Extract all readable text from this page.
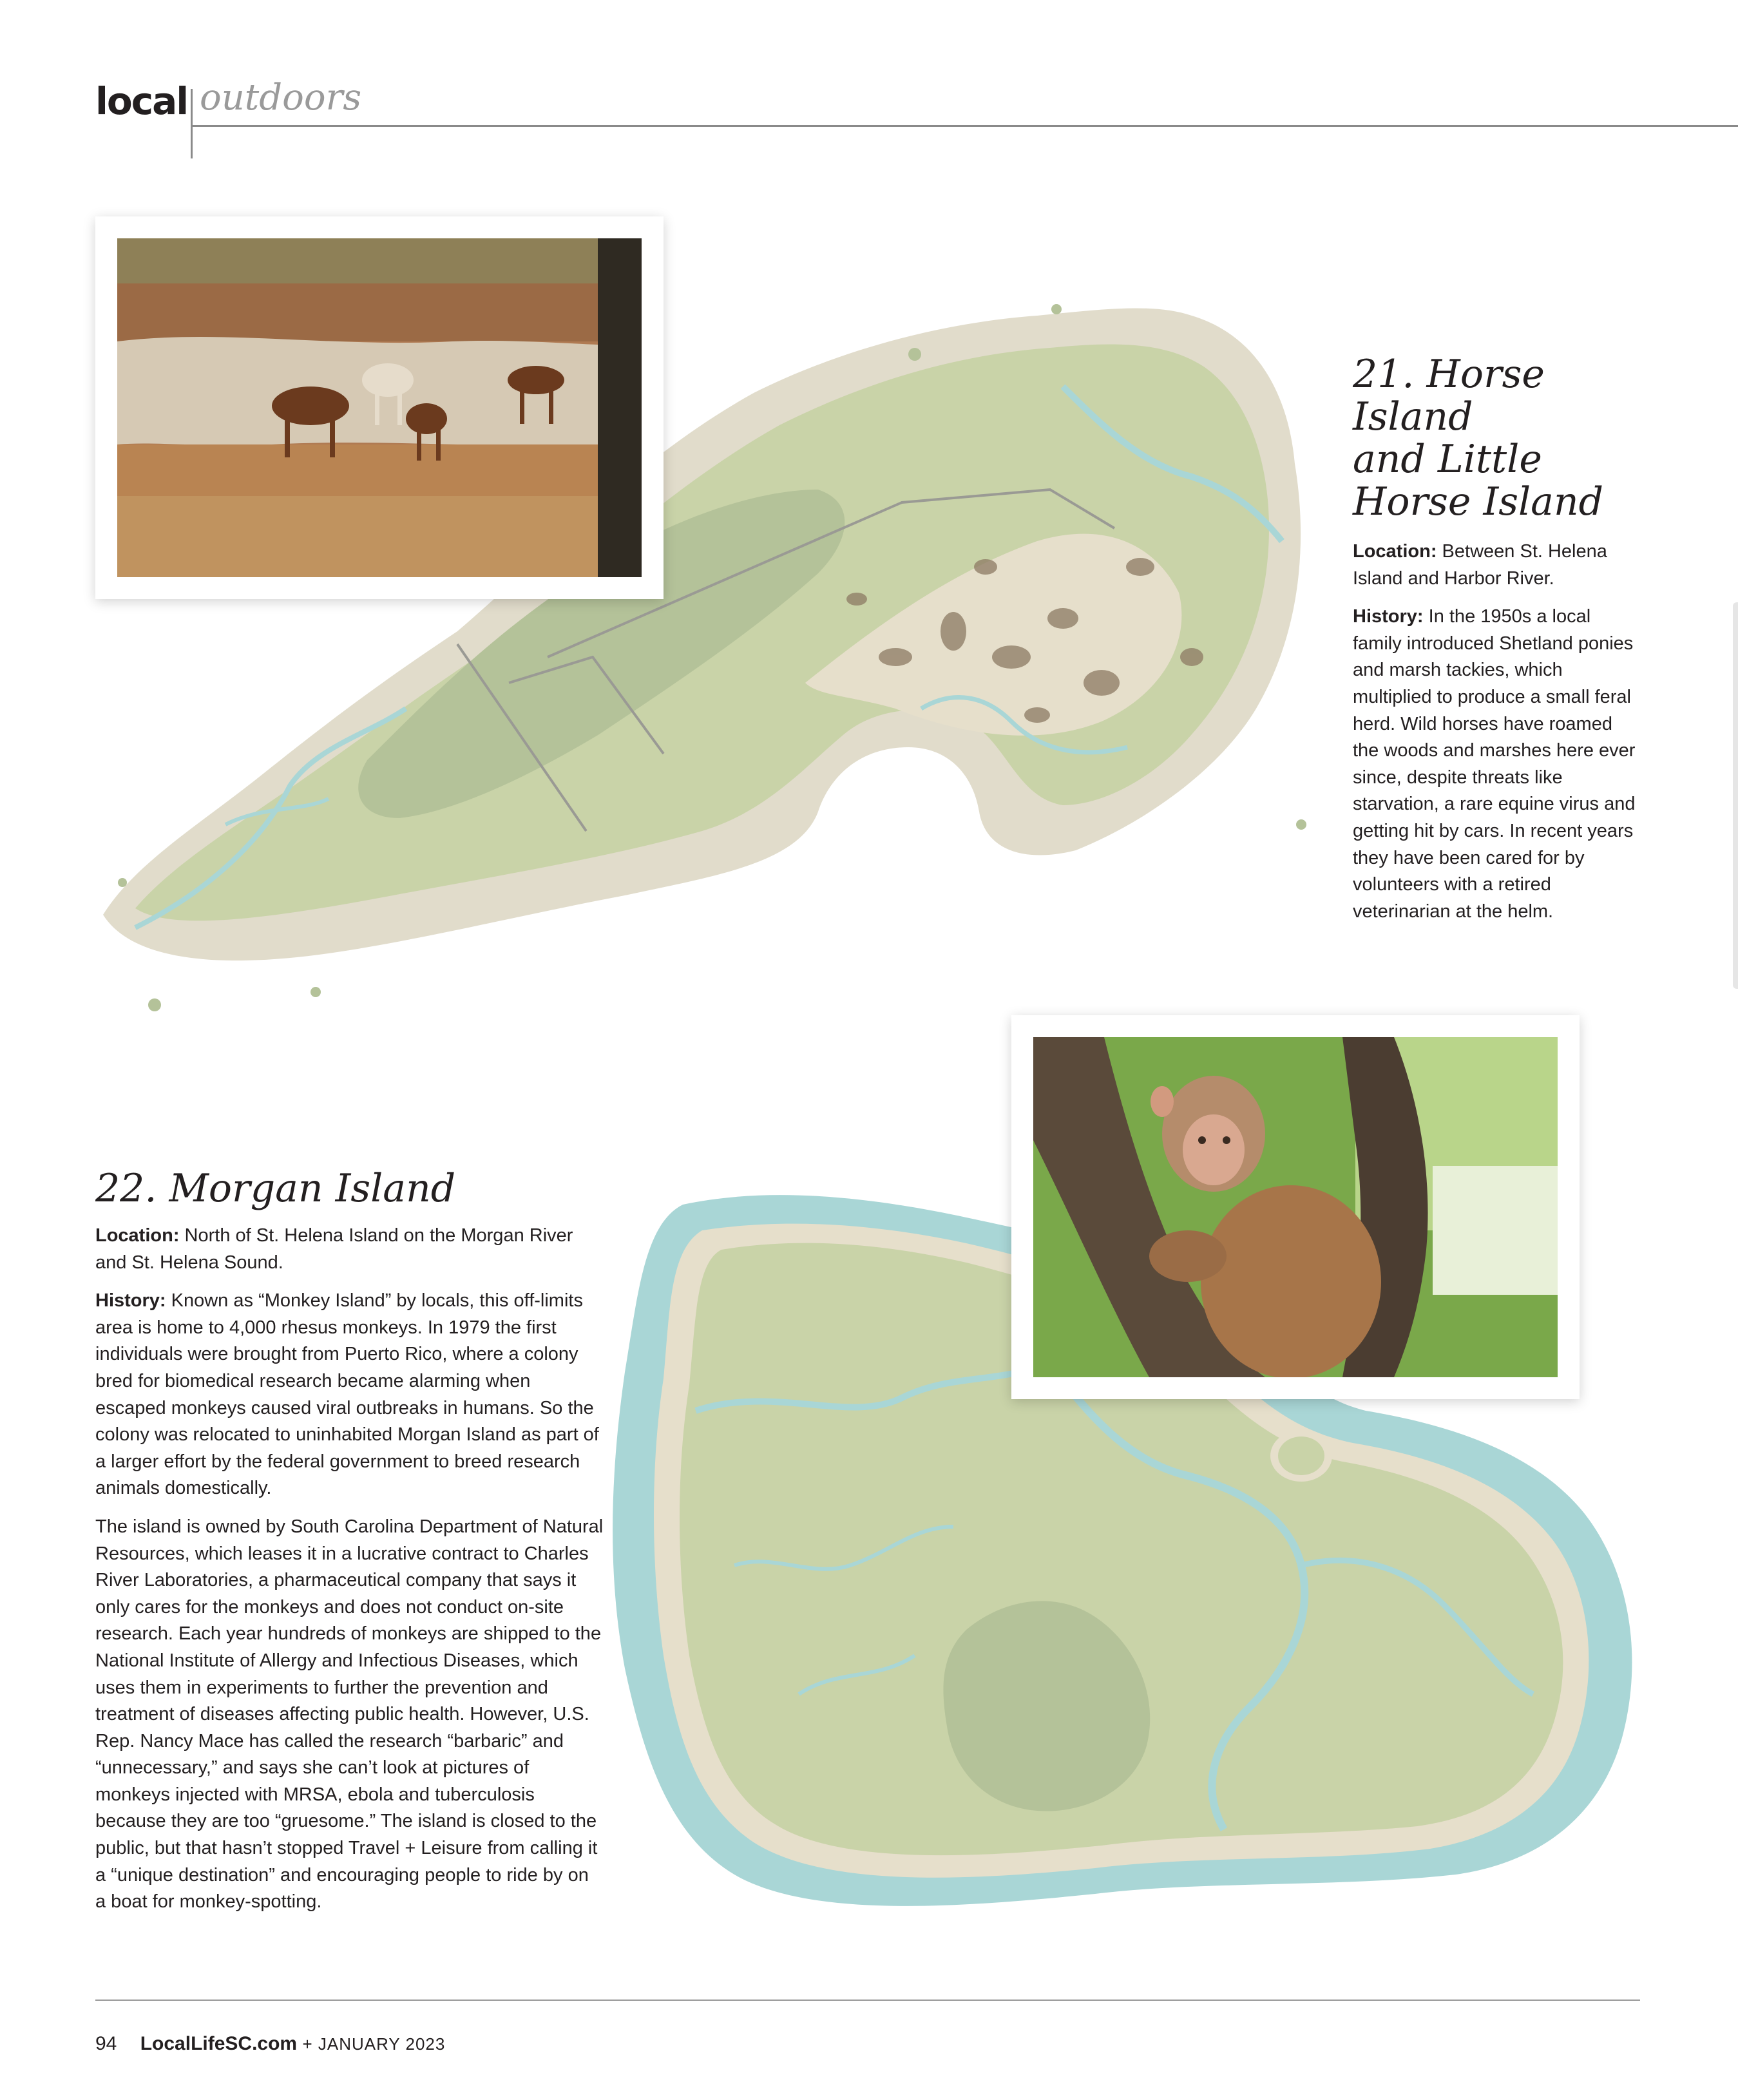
local outdoors
21. Horse Island
and Little
Horse Island

Location: Between St. Helena Island and Harbor River.

History: In the 1950s a local family introduced Shetland ponies and marsh tackies, which multiplied to produce a small feral herd. Wild horses have roamed the woods and marshes here ever since, despite threats like starvation, a rare equine virus and getting hit by cars. In recent years they have been cared for by volunteers with a retired veterinarian at the helm.

22. Morgan Island

Location: North of St. Helena Island on the Morgan River and St. Helena Sound.

History: Known as “Monkey Island” by locals, this off-limits area is home to 4,000 rhesus monkeys. In 1979 the first individuals were brought from Puerto Rico, where a colony bred for biomedical research became alarming when escaped monkeys caused viral outbreaks in humans. So the colony was relocated to uninhabited Morgan Island as part of a larger effort by the federal government to breed research animals domestically.

The island is owned by South Carolina Department of Natural Resources, which leases it in a lucrative contract to Charles River Laboratories, a pharmaceutical company that says it only cares for the monkeys and does not conduct on-site research. Each year hundreds of monkeys are shipped to the National Institute of Allergy and Infectious Diseases, which uses them in experiments to further the prevention and treatment of diseases affecting public health. However, U.S. Rep. Nancy Mace has called the research “barbaric” and “unnecessary,” and says she can’t look at pictures of monkeys injected with MRSA, ebola and tuberculosis because they are too “gruesome.” The island is closed to the public, but that hasn’t stopped Travel + Leisure from calling it a “unique destination” and encouraging people to ride by on a boat for monkey-spotting.

94 LocalLifeSC.com + JANUARY 2023
